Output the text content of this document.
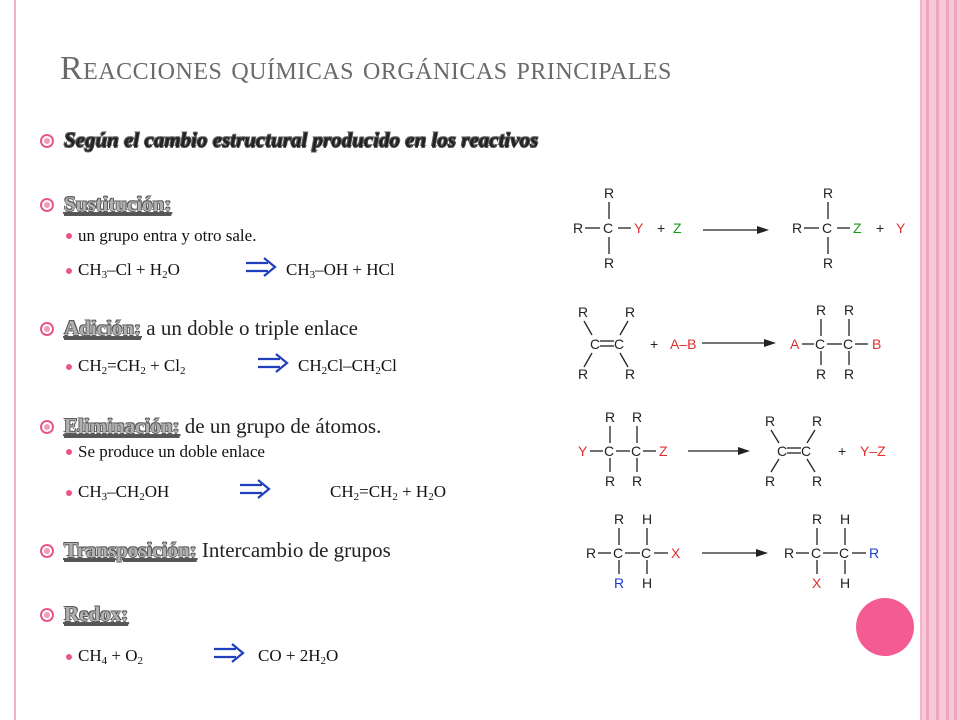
Reacciones químicas orgánicas principales
Según el cambio estructural producido en los reactivos
Sustitución:
un grupo entra y otro sale.
$CH_3-Cl + H_2O$	$CH_3-OH$ + HCl
Adición: a un doble o triple enlace
$CH_2=CH_2 + Cl_2$	$CH_2Cl-CH_2Cl$
Eliminación: de un grupo de átomos.
Se produce un doble enlace
$CH_3-CH_2OH$	$CH_2=CH_2 + H_2O$
Transposición: Intercambio de grupos
Redox:
$CH_4 + O_2$	CO + $2H_2O$
R
R
R C Y + Z
R
R
R C Z + Y
R
R
R
R
C C + A–B	A
R
R
R
R
C C B
Y
R
R
R
R
C C Z
R
R
R
R
C C + Y–Z
R
R
R
H
H
C C X	R
R
X
H
H
C C R
